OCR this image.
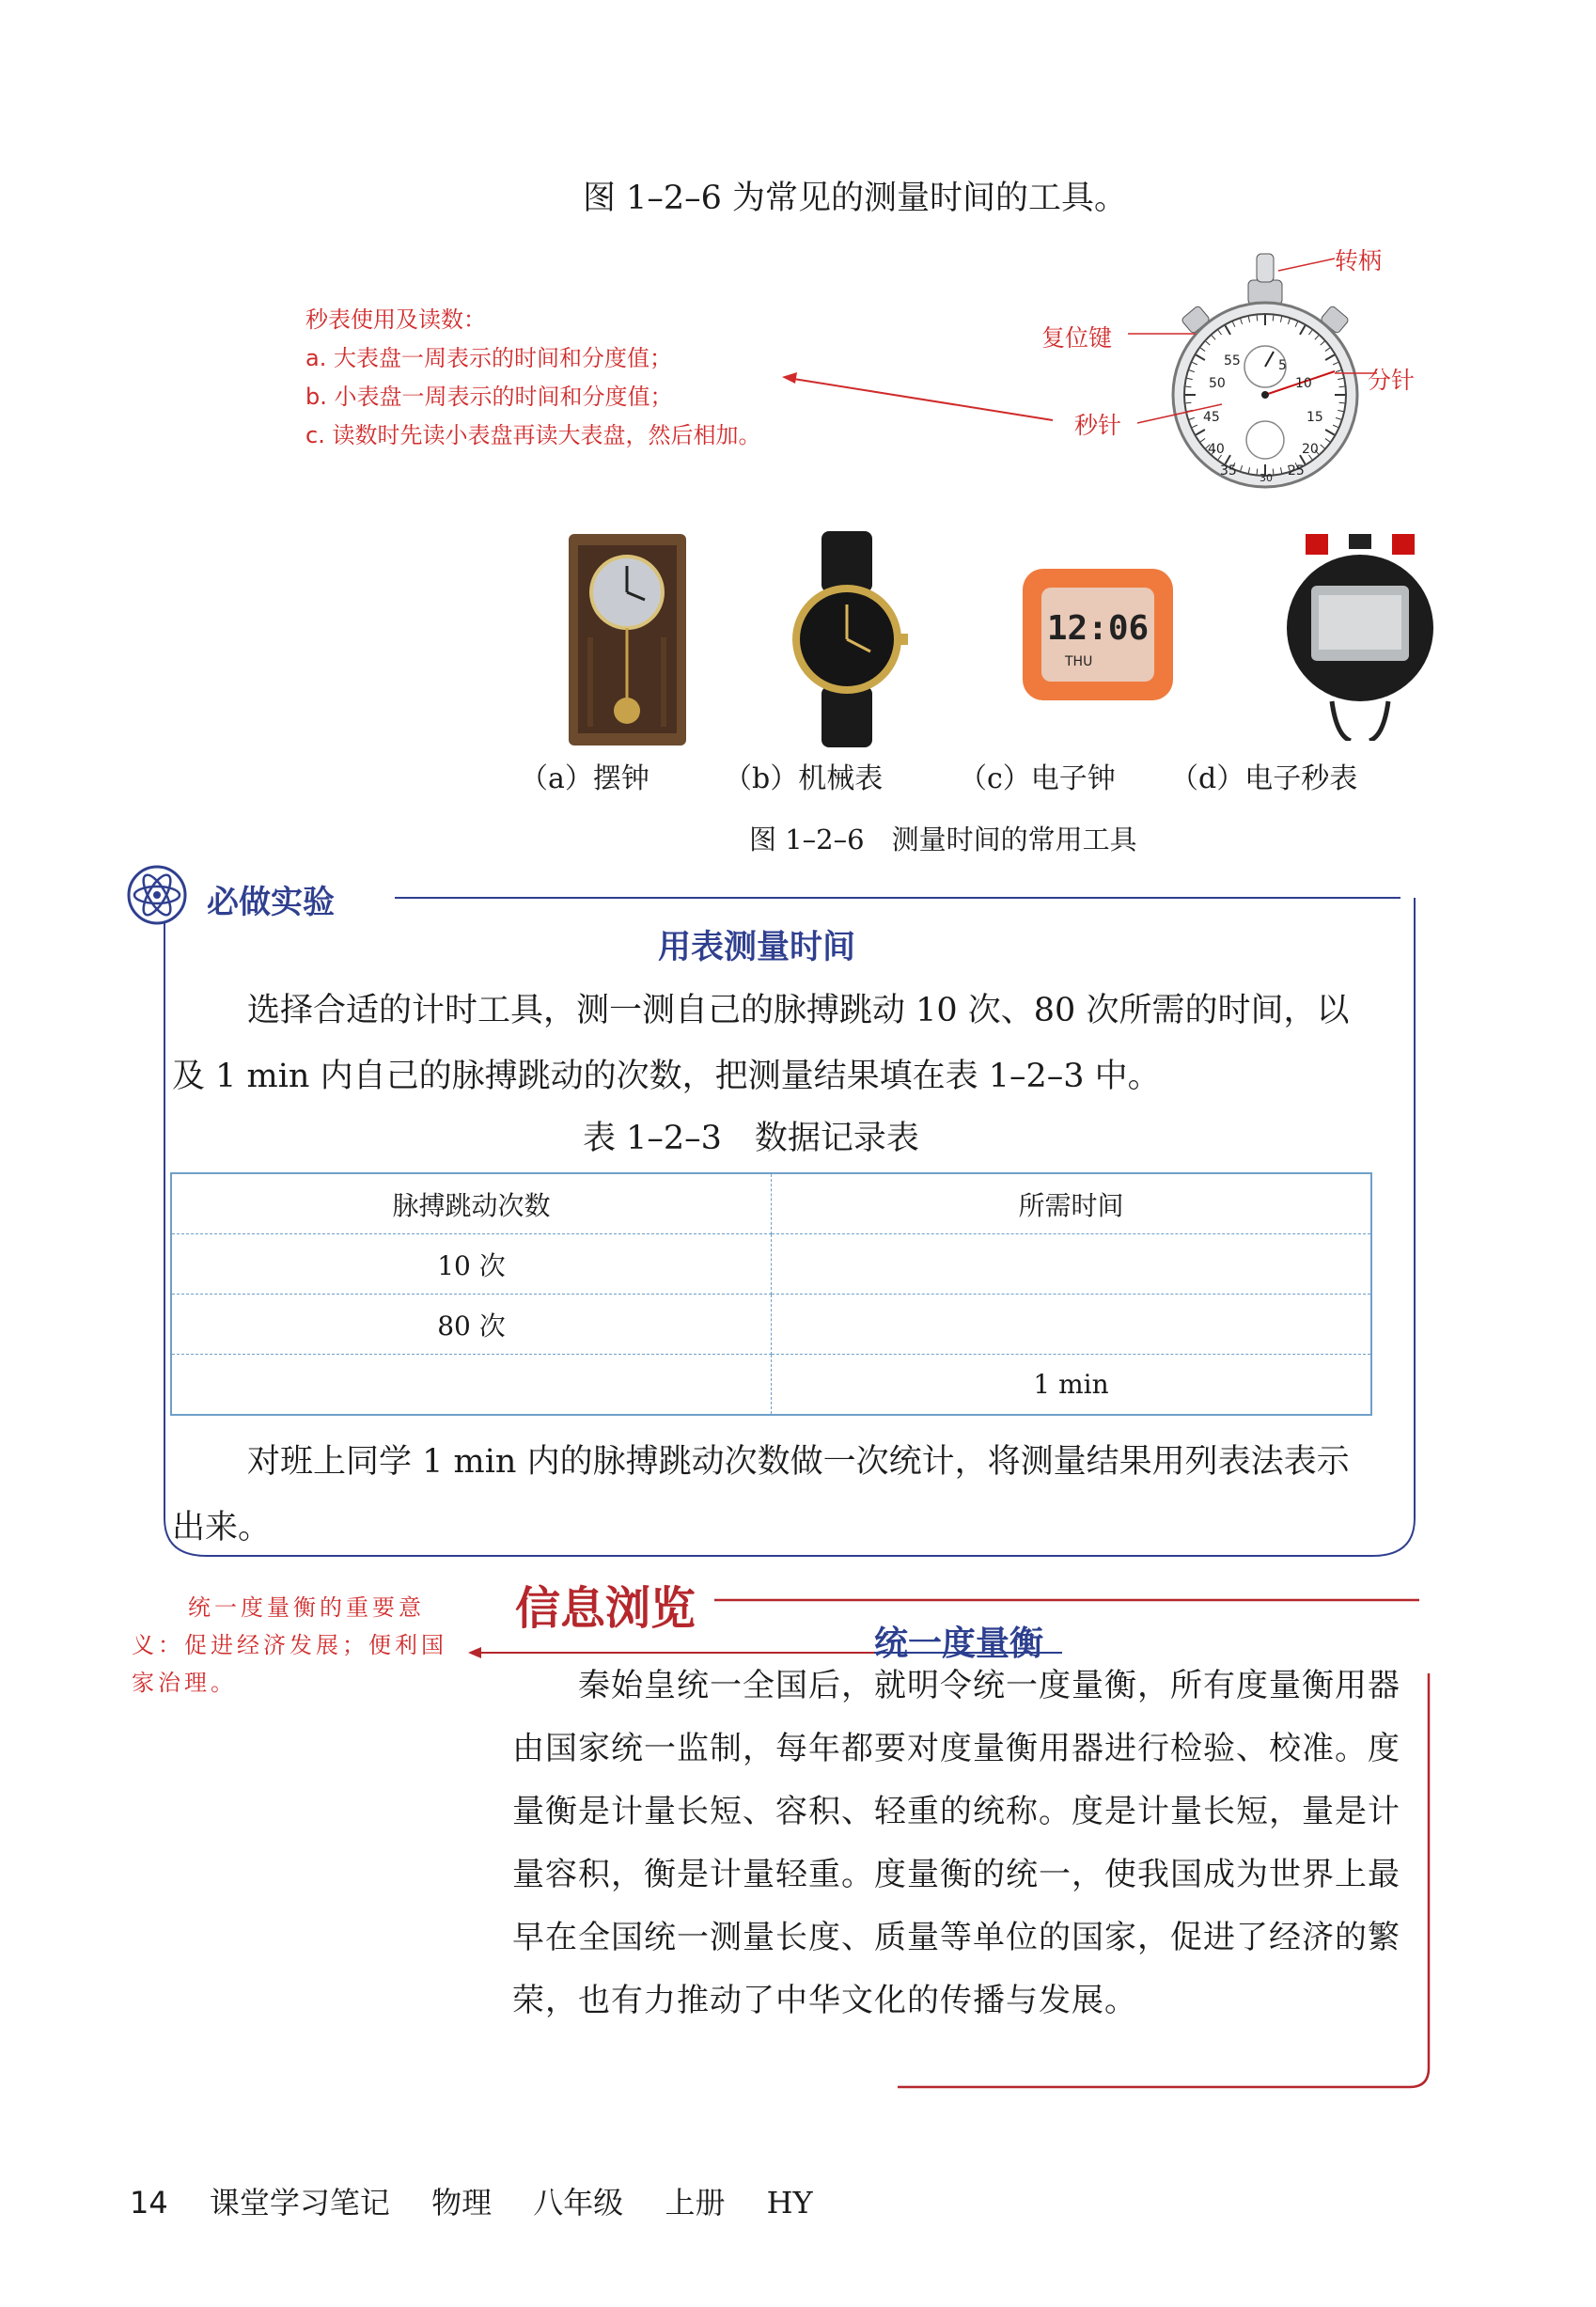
图 1–2–6 为常见的测量时间的工具。
秒表使用及读数：
a. 大表盘一周表示的时间和分度值；
b. 小表盘一周表示的时间和分度值；
c. 读数时先读小表盘再读大表盘，然后相加。
55	5 50	10 45	15 40	20 35	25 30
转柄
复位键
分针
秒针
12:06
THU
（a）摆钟	（b）机械表	（c）电子钟 （d）电子秒表
图 1–2–6　测量时间的常用工具
必做实验
用表测量时间
选择合适的计时工具，测一测自己的脉搏跳动 10 次、80 次所需的时间，以及 1 min 内自己的脉搏跳动的次数，把测量结果填在表 1–2–3 中。
表 1–2–3　数据记录表
脉搏跳动次数	所需时间
10 次	
80 次	
	1 min
对班上同学 1 min 内的脉搏跳动次数做一次统计，将测量结果用列表法表示出来。
信息浏览
统一度量衡
统一度量衡的重要意义：促进经济发展；便利国家治理。	秦始皇统一全国后，就明令统一度量衡，所有度量衡用器由国家统一监制，每年都要对度量衡用器进行检验、校准。度量衡是计量长短、容积、轻重的统称。度是计量长短，量是计量容积，衡是计量轻重。度量衡的统一，使我国成为世界上最早在全国统一测量长度、质量等单位的国家，促进了经济的繁荣，也有力推动了中华文化的传播与发展。

14 课堂学习笔记 物理 八年级 上册 HY
